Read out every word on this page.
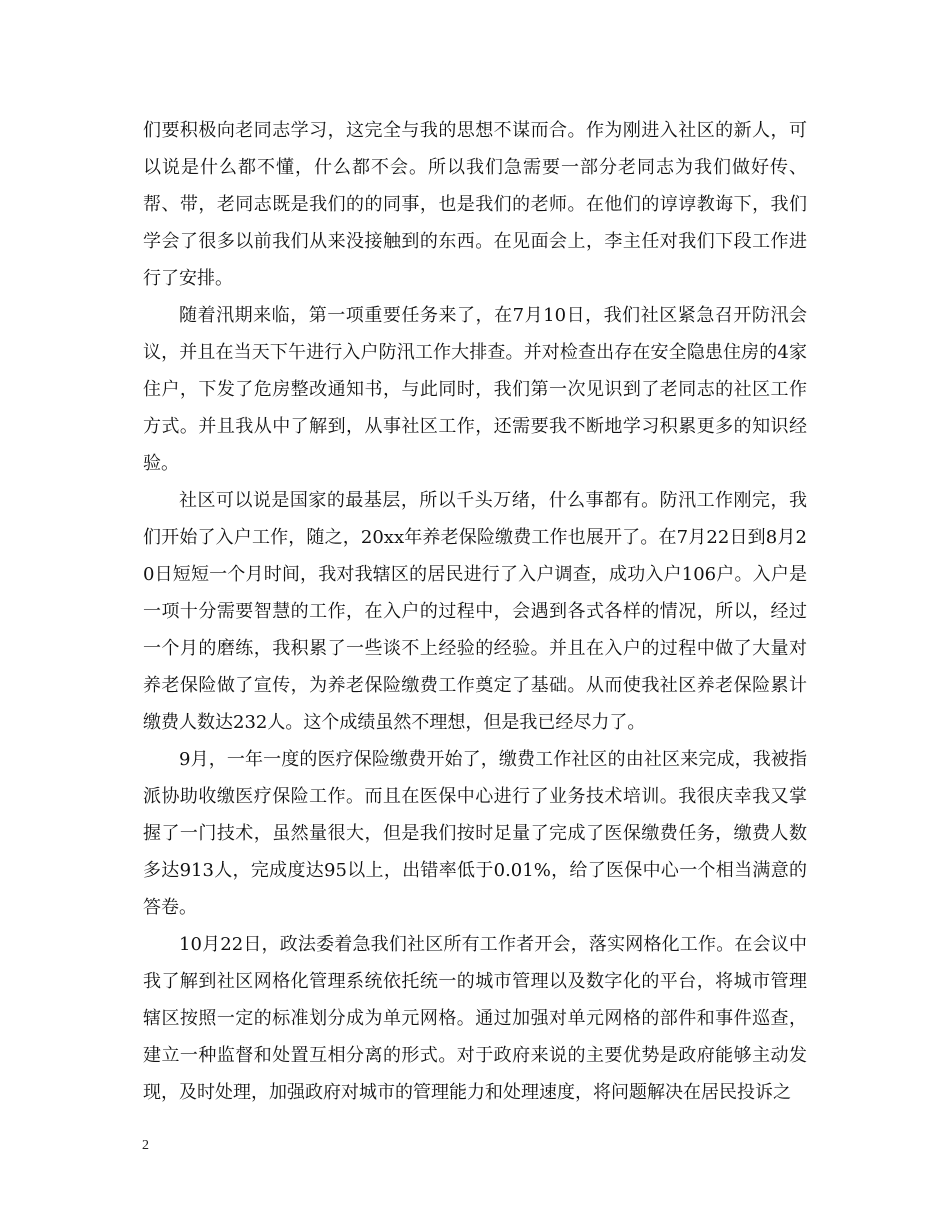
们要积极向老同志学习，这完全与我的思想不谋而合。作为刚进入社区的新人，可以说是什么都不懂，什么都不会。所以我们急需要一部分老同志为我们做好传、帮、带，老同志既是我们的的同事，也是我们的老师。在他们的谆谆教诲下，我们学会了很多以前我们从来没接触到的东西。在见面会上，李主任对我们下段工作进行了安排。

随着汛期来临，第一项重要任务来了，在7月10日，我们社区紧急召开防汛会议，并且在当天下午进行入户防汛工作大排查。并对检查出存在安全隐患住房的4家住户，下发了危房整改通知书，与此同时，我们第一次见识到了老同志的社区工作方式。并且我从中了解到，从事社区工作，还需要我不断地学习积累更多的知识经验。

社区可以说是国家的最基层，所以千头万绪，什么事都有。防汛工作刚完，我们开始了入户工作，随之，20xx年养老保险缴费工作也展开了。在7月22日到8月20日短短一个月时间，我对我辖区的居民进行了入户调查，成功入户106户。入户是一项十分需要智慧的工作，在入户的过程中，会遇到各式各样的情况，所以，经过一个月的磨练，我积累了一些谈不上经验的经验。并且在入户的过程中做了大量对养老保险做了宣传，为养老保险缴费工作奠定了基础。从而使我社区养老保险累计缴费人数达232人。这个成绩虽然不理想，但是我已经尽力了。

9月，一年一度的医疗保险缴费开始了，缴费工作社区的由社区来完成，我被指派协助收缴医疗保险工作。而且在医保中心进行了业务技术培训。我很庆幸我又掌握了一门技术，虽然量很大，但是我们按时足量了完成了医保缴费任务，缴费人数多达913人，完成度达95以上，出错率低于0.01%，给了医保中心一个相当满意的答卷。

10月22日，政法委着急我们社区所有工作者开会，落实网格化工作。在会议中我了解到社区网格化管理系统依托统一的城市管理以及数字化的平台，将城市管理辖区按照一定的标准划分成为单元网格。通过加强对单元网格的部件和事件巡查，建立一种监督和处置互相分离的形式。对于政府来说的主要优势是政府能够主动发现，及时处理，加强政府对城市的管理能力和处理速度，将问题解决在居民投诉之

2
